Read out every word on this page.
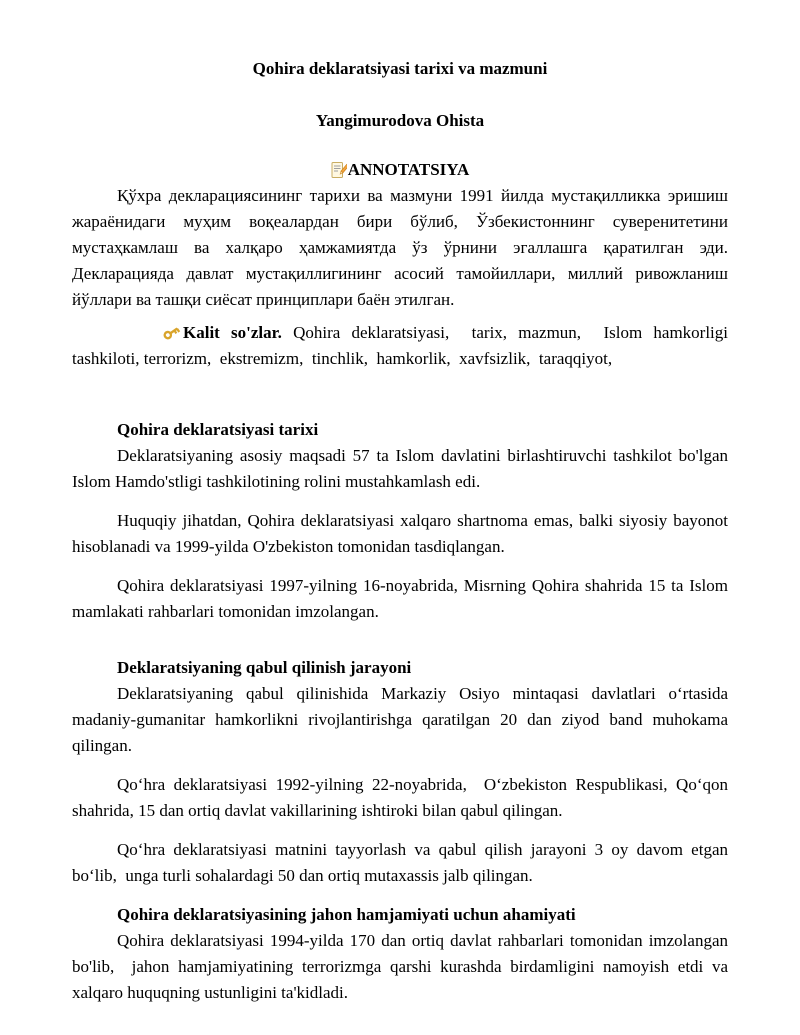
Qohira deklaratsiyasi tarixi va mazmuni

Yangimurodova Ohista

ANNOTATSIYA

Қўхра декларациясининг тарихи ва мазмуни 1991 йилда мустақилликка эришиш жараёнидаги муҳим воқеалардан бири бўлиб, Ўзбекистоннинг суверенитетини мустаҳкамлаш ва халқаро ҳамжамиятда ўз ўрнини эгаллашга қаратилган эди.  Декларацияда давлат мустақиллигининг асосий тамойиллари, миллий ривожланиш йўллари ва ташқи сиёсат принциплари баён этилган.

Kalit so'zlar. Qohira deklaratsiyasi,  tarix, mazmun,  Islom hamkorligi tashkiloti, terrorizm,  ekstremizm,  tinchlik,  hamkorlik,  xavfsizlik,  taraqqiyot,

Qohira deklaratsiyasi tarixi

Deklaratsiyaning asosiy maqsadi 57 ta Islom davlatini birlashtiruvchi tashkilot bo'lgan Islom Hamdo'stligi tashkilotining rolini mustahkamlash edi.

Huquqiy jihatdan, Qohira deklaratsiyasi xalqaro shartnoma emas, balki siyosiy bayonot hisoblanadi va 1999-yilda O'zbekiston tomonidan tasdiqlangan.

Qohira deklaratsiyasi 1997-yilning 16-noyabrida, Misrning Qohira shahrida 15 ta Islom mamlakati rahbarlari tomonidan imzolangan.

Deklaratsiyaning qabul qilinish jarayoni

Deklaratsiyaning qabul qilinishida Markaziy Osiyo mintaqasi davlatlari o‘rtasida madaniy-gumanitar hamkorlikni rivojlantirishga qaratilgan 20 dan ziyod band muhokama qilingan.

Qo‘hra deklaratsiyasi 1992-yilning 22-noyabrida,  O‘zbekiston Respublikasi, Qo‘qon shahrida, 15 dan ortiq davlat vakillarining ishtiroki bilan qabul qilingan.

Qo‘hra deklaratsiyasi matnini tayyorlash va qabul qilish jarayoni 3 oy davom etgan bo‘lib,  unga turli sohalardagi 50 dan ortiq mutaxassis jalb qilingan.

Qohira deklaratsiyasining jahon hamjamiyati uchun ahamiyati

Qohira deklaratsiyasi 1994-yilda 170 dan ortiq davlat rahbarlari tomonidan imzolangan bo'lib,  jahon hamjamiyatining terrorizmga qarshi kurashda birdamligini namoyish etdi va xalqaro huquqning ustunligini ta'kidladi.
